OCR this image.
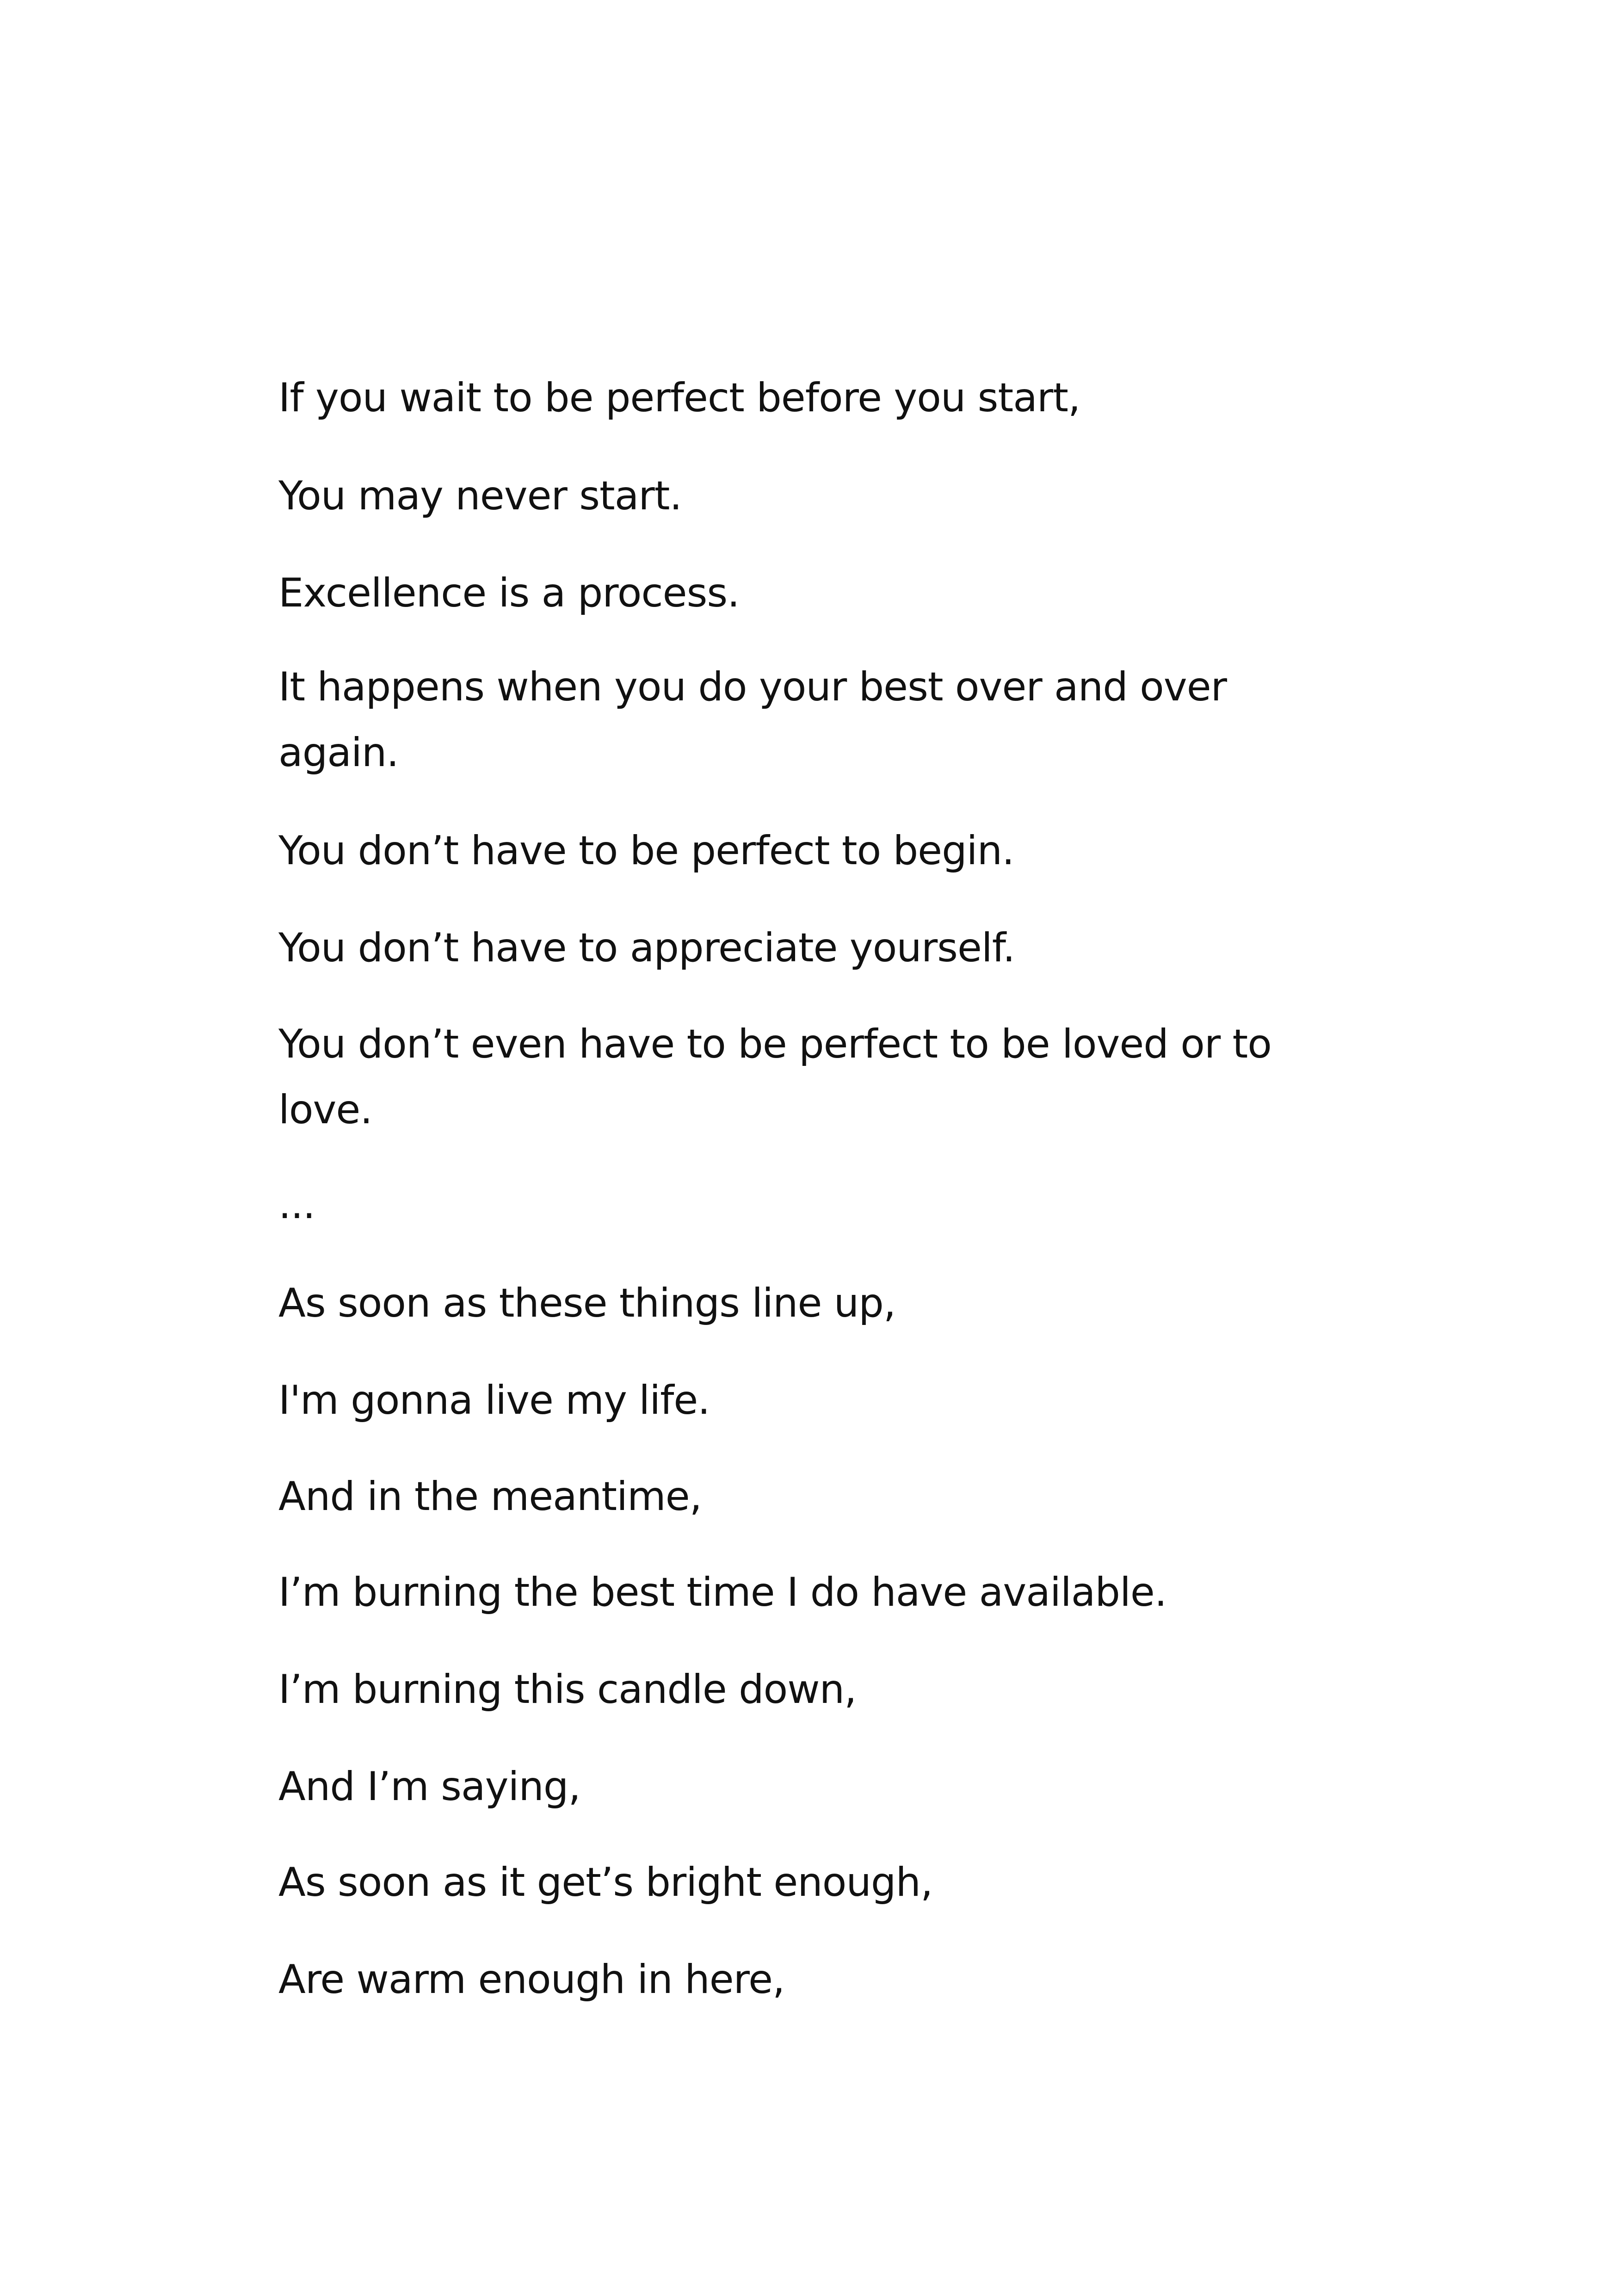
If you wait to be perfect before you start,

You may never start.

Excellence is a process.

It happens when you do your best over and over

again.

You don’t have to be perfect to begin.

You don’t have to appreciate yourself.

You don’t even have to be perfect to be loved or to

love.

...

As soon as these things line up,

I'm gonna live my life.

And in the meantime,

I’m burning the best time I do have available.

I’m burning this candle down,

And I’m saying,

As soon as it get’s bright enough,

Are warm enough in here,
